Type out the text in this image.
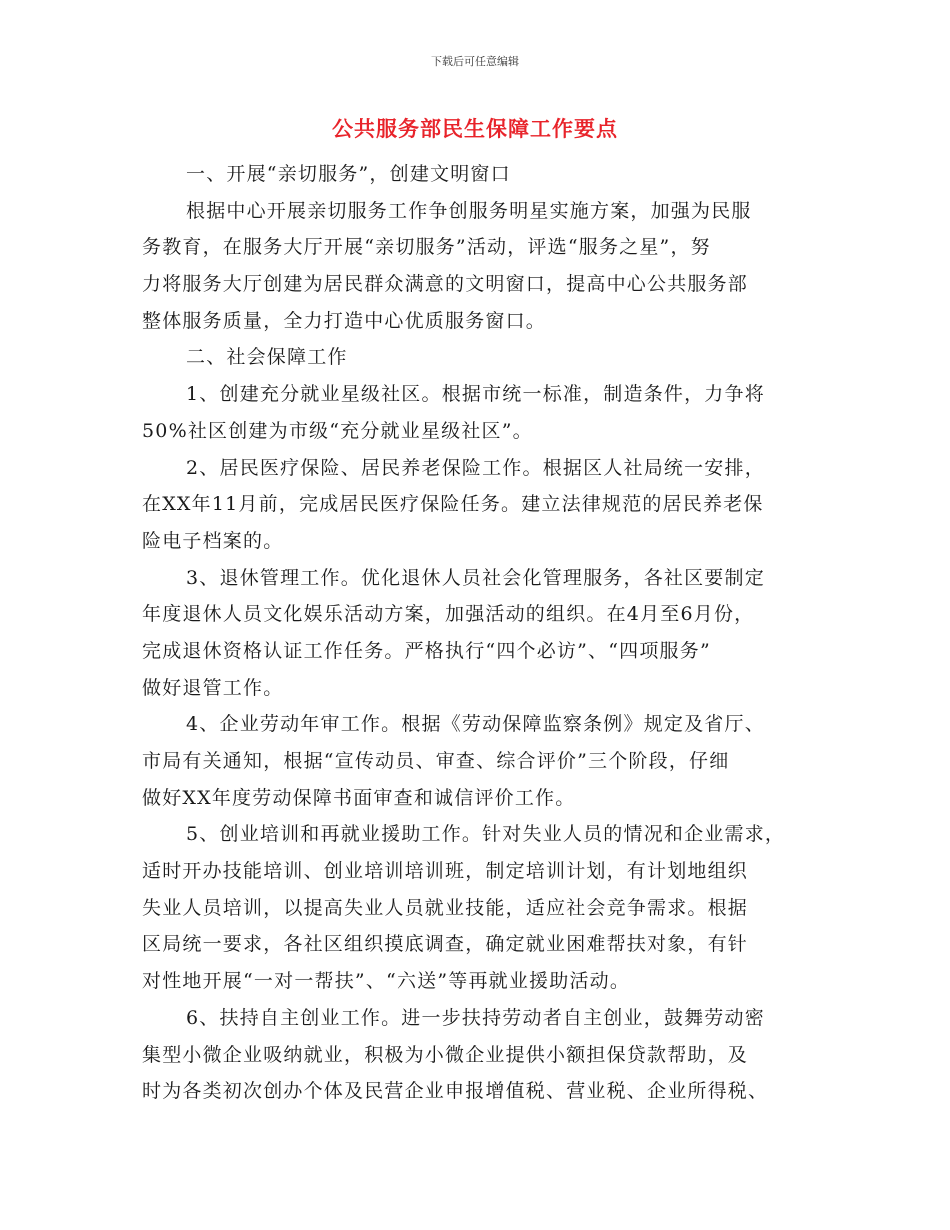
下载后可任意编辑
公共服务部民生保障工作要点
一、开展“亲切服务”，创建文明窗口
根据中心开展亲切服务工作争创服务明星实施方案，加强为民服
务教育，在服务大厅开展“亲切服务”活动，评选“服务之星”，努
力将服务大厅创建为居民群众满意的文明窗口，提高中心公共服务部
整体服务质量，全力打造中心优质服务窗口。
二、社会保障工作
1、创建充分就业星级社区。根据市统一标准，制造条件，力争将
50%社区创建为市级“充分就业星级社区”。
2、居民医疗保险、居民养老保险工作。根据区人社局统一安排，
在XX年11月前，完成居民医疗保险任务。建立法律规范的居民养老保
险电子档案的。
3、退休管理工作。优化退休人员社会化管理服务，各社区要制定
年度退休人员文化娱乐活动方案，加强活动的组织。在4月至6月份，
完成退休资格认证工作任务。严格执行“四个必访”、“四项服务”
做好退管工作。
4、企业劳动年审工作。根据《劳动保障监察条例》规定及省厅、
市局有关通知，根据“宣传动员、审查、综合评价”三个阶段，仔细
做好XX年度劳动保障书面审查和诚信评价工作。
5、创业培训和再就业援助工作。针对失业人员的情况和企业需求，
适时开办技能培训、创业培训培训班，制定培训计划，有计划地组织
失业人员培训，以提高失业人员就业技能，适应社会竞争需求。根据
区局统一要求，各社区组织摸底调查，确定就业困难帮扶对象，有针
对性地开展“一对一帮扶”、“六送”等再就业援助活动。
6、扶持自主创业工作。进一步扶持劳动者自主创业，鼓舞劳动密
集型小微企业吸纳就业，积极为小微企业提供小额担保贷款帮助，及
时为各类初次创办个体及民营企业申报增值税、营业税、企业所得税、
